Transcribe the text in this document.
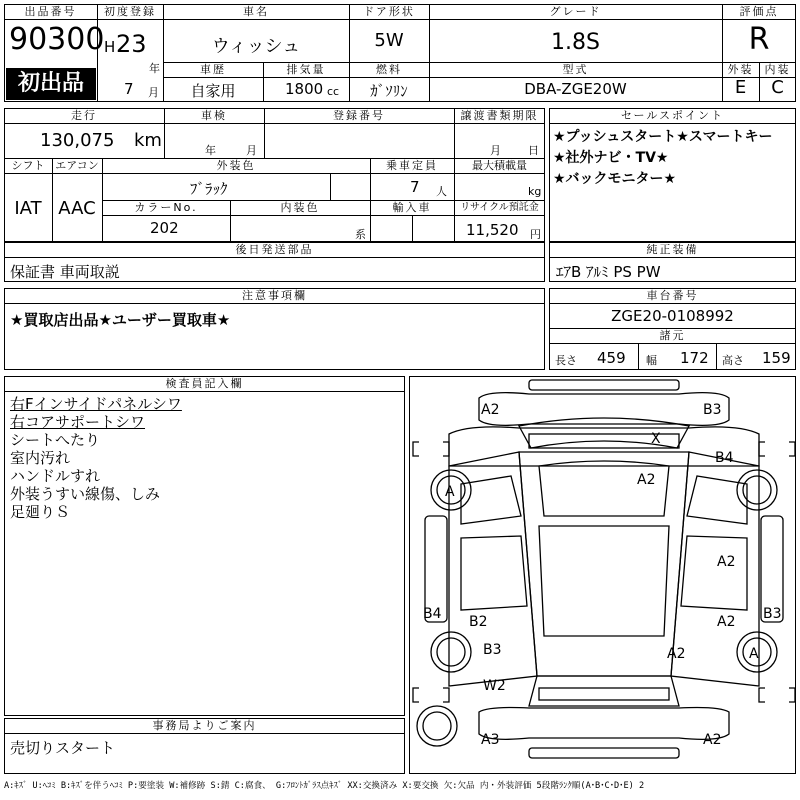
出品番号
90300
初出品
初度登録
H 23
年
7 月
車名
ウィッシュ
車歴
自家用
排気量
1800 cc
ドア形状
5W
燃料
ｶﾞｿﾘﾝ
グレード
1.8S
型式
DBA-ZGE20W
評価点
R
外装	内装
E	C
走行
130,075 km
車検
年	月
登録番号	譲渡書類期限
月 日
シフト
IAT
エアコン
AAC
外装色
ﾌﾞﾗｯｸ
乗車定員
7 人
最大積載量
kg
カラーNo.
202
内装色
系
輸入車	リサイクル預託金
11,520 円
セールスポイント
★プッシュスタート★スマートキー
★社外ナビ・TV★
★バックモニター★
後日発送部品
保証書 車両取説
純正装備
ｴｱB ｱﾙﾐ PS PW
注意事項欄
★買取店出品★ユーザー買取車★
車台番号
ZGE20-0108992
諸元
長さ 459 幅 172 高さ 159
検査員記入欄
右Fインサイドパネルシワ
右コアサポートシワ
シートへたり
室内汚れ
ハンドルすれ
外装うすい線傷、しみ
足廻りＳ
事務局よりご案内
売切りスタート
A2	B3
X
B4
A
A2
A2
A2
B4	B3
B2
B3	A2	A
W2
A3	A2
A:ｷｽﾞ U:ﾍｺﾐ B:ｷｽﾞを伴うﾍｺﾐ P:要塗装 W:補修跡 S:錆 C:腐食、 G:ﾌﾛﾝﾄｶﾞﾗｽ点ｷｽﾞ XX:交換済み X:要交換 欠:欠品 内・外装評価 5段階ﾗﾝｸ順(A･B･C･D･E) 2
